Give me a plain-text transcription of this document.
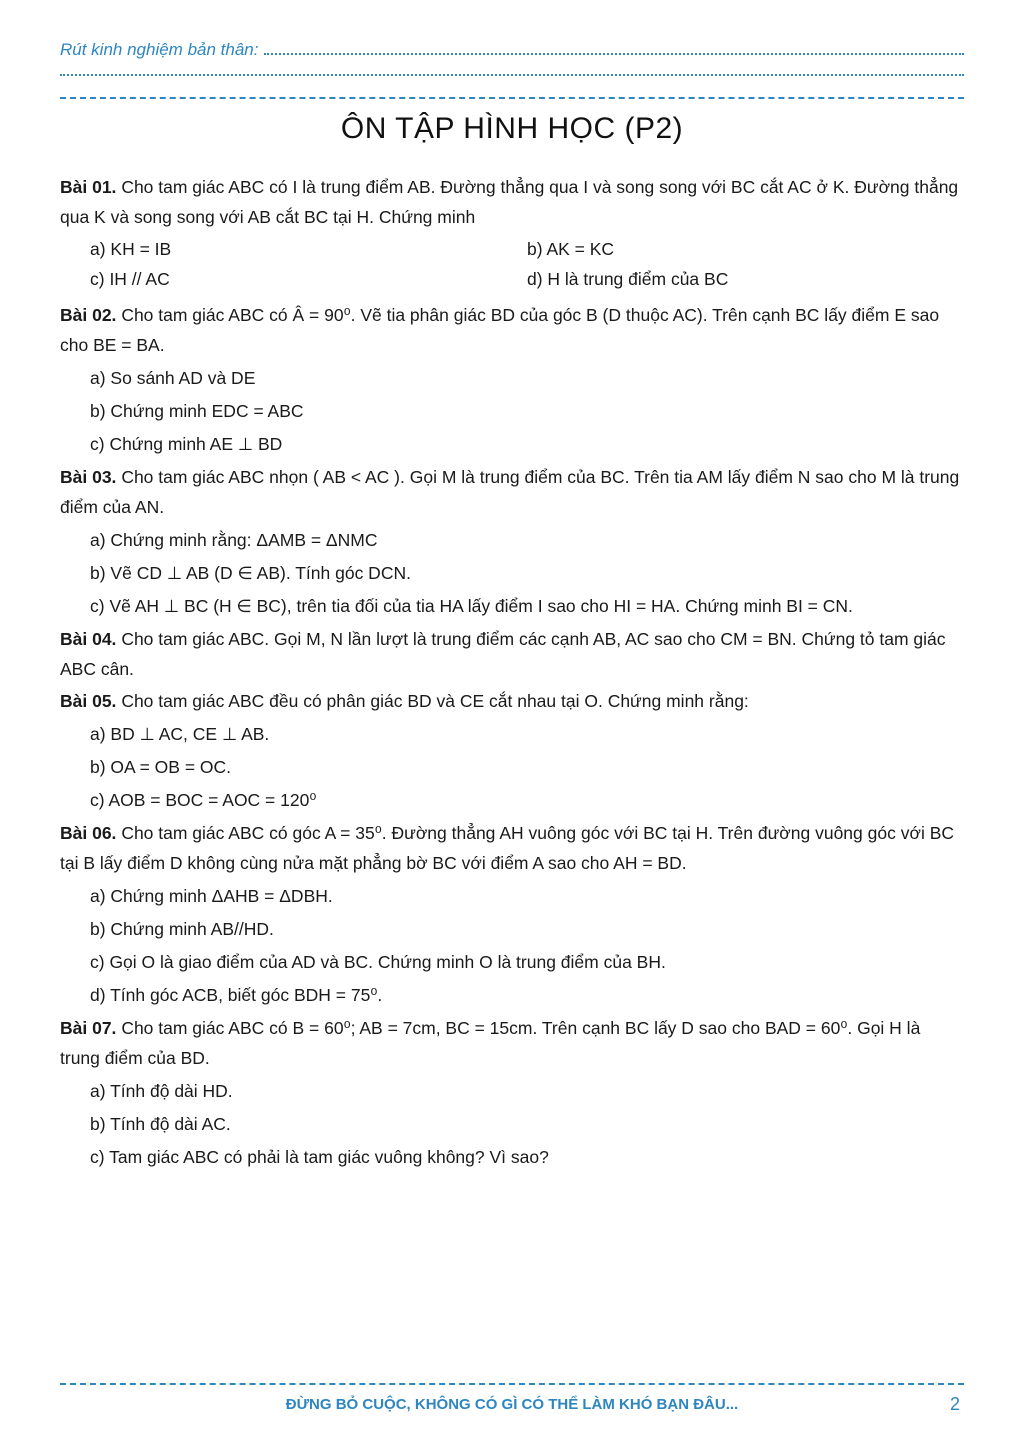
Rút kinh nghiệm bản thân:
ÔN TẬP HÌNH HỌC (P2)
Bài 01. Cho tam giác ABC có I là trung điểm AB. Đường thẳng qua I và song song với BC cắt AC ở K. Đường thẳng qua K và song song với AB cắt BC tại H. Chứng minh
a) KH = IB	b) AK = KC
c) IH // AC	d) H là trung điểm của BC
Bài 02. Cho tam giác ABC có Â = 90⁰. Vẽ tia phân giác BD của góc B (D thuộc AC). Trên cạnh BC lấy điểm E sao cho BE = BA.
a) So sánh AD và DE
b) Chứng minh EDC = ABC
c) Chứng minh AE ⊥ BD
Bài 03. Cho tam giác ABC nhọn ( AB < AC ). Gọi M là trung điểm của BC. Trên tia AM lấy điểm N sao cho M là trung điểm của AN.
a) Chứng minh rằng: ΔAMB = ΔNMC
b) Vẽ CD ⊥ AB (D ∈ AB). Tính góc DCN.
c) Vẽ AH ⊥ BC (H ∈ BC), trên tia đối của tia HA lấy điểm I sao cho HI = HA. Chứng minh BI = CN.
Bài 04. Cho tam giác ABC. Gọi M, N lần lượt là trung điểm các cạnh AB, AC sao cho CM = BN. Chứng tỏ tam giác ABC cân.
Bài 05. Cho tam giác ABC đều có phân giác BD và CE cắt nhau tại O. Chứng minh rằng:
a) BD ⊥ AC, CE ⊥ AB.
b) OA = OB = OC.
c) AOB = BOC = AOC = 120⁰
Bài 06. Cho tam giác ABC có góc A = 35⁰. Đường thẳng AH vuông góc với BC tại H. Trên đường vuông góc với BC tại B lấy điểm D không cùng nửa mặt phẳng bờ BC với điểm A sao cho AH = BD.
a) Chứng minh ΔAHB = ΔDBH.
b) Chứng minh AB//HD.
c) Gọi O là giao điểm của AD và BC. Chứng minh O là trung điểm của BH.
d) Tính góc ACB, biết góc BDH = 75⁰.
Bài 07. Cho tam giác ABC có B = 60⁰; AB = 7cm, BC = 15cm. Trên cạnh BC lấy D sao cho BAD = 60⁰. Gọi H là trung điểm của BD.
a) Tính độ dài HD.
b) Tính độ dài AC.
c) Tam giác ABC có phải là tam giác vuông không? Vì sao?
ĐỪNG BỎ CUỘC, KHÔNG CÓ GÌ CÓ THỂ LÀM KHÓ BẠN ĐÂU...	2
